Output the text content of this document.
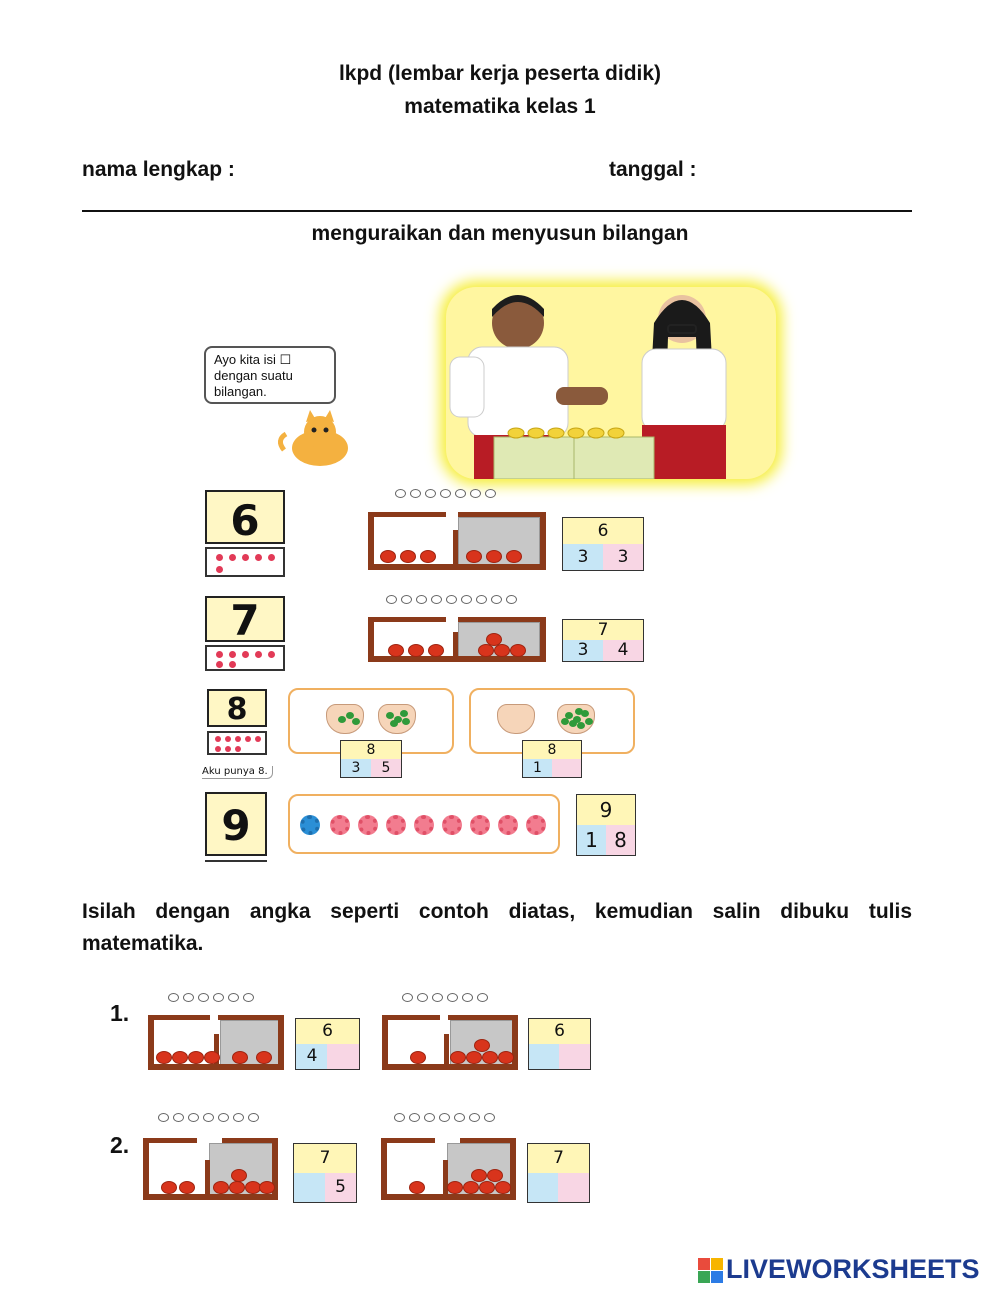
lkpd (lembar kerja peserta didik)
matematika kelas 1
nama lengkap :	tanggal :
menguraikan dan menyusun bilangan
Ayo kita isi ☐ dengan suatu bilangan.
6	6
3	3
7	7
3	4
8
Aku punya 8.
8
3	5
8
1
9	9
1 8
Isilah dengan angka seperti contoh diatas, kemudian salin dibuku tulis matematika.
1.
6
4
6
2.	7
5
7
LIVEWORKSHEETS
